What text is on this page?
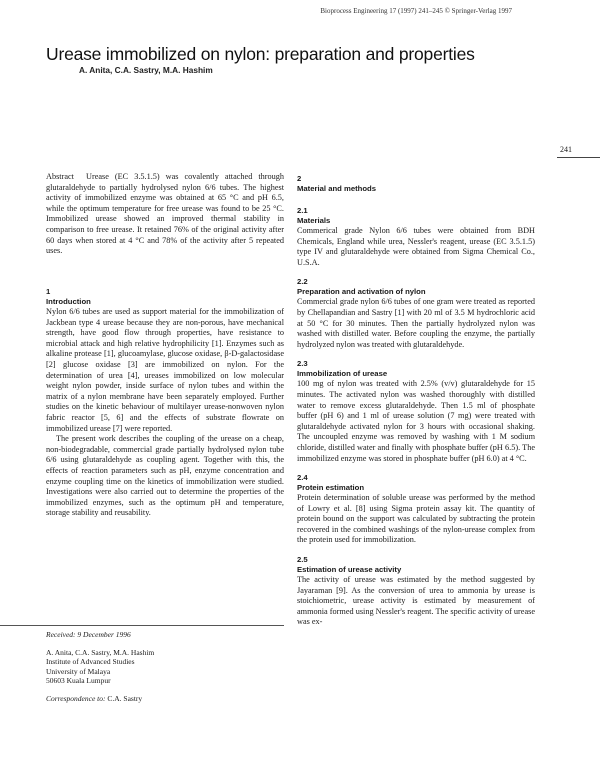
Bioprocess Engineering 17 (1997) 241–245 © Springer-Verlag 1997
Urease immobilized on nylon: preparation and properties
A. Anita, C.A. Sastry, M.A. Hashim
241

Abstract Urease (EC 3.5.1.5) was covalently attached through glutaraldehyde to partially hydrolysed nylon 6/6 tubes. The highest activity of immobilized enzyme was obtained at 65 °C and pH 6.5, while the optimum temperature for free urease was found to be 25 °C. Immobilized urease showed an improved thermal stability in comparison to free urease. It retained 76% of the original activity after 60 days when stored at 4 °C and 78% of the activity after 5 repeated uses.

1
Introduction

Nylon 6/6 tubes are used as support material for the immobilization of Jackbean type 4 urease because they are non-porous, have mechanical strength, have good flow through properties, have resistance to microbial attack and high relative hydrophilicity [1]. Enzymes such as alkaline protease [1], glucoamylase, glucose oxidase, β-D-galactosidase [2] glucose oxidase [3] are immobilized on nylon. For the determination of urea [4], ureases immobilized on low molecular weight nylon powder, inside surface of nylon tubes and within the matrix of a nylon membrane have been separately employed. Further studies on the kinetic behaviour of multilayer urease-nonwoven nylon fabric reactor [5, 6] and the effects of substrate flowrate on immobilized urease [7] were reported.

The present work describes the coupling of the urease on a cheap, non-biodegradable, commercial grade partially hydrolysed nylon tube 6/6 using glutaraldehyde as coupling agent. Together with this, the effects of reaction parameters such as pH, enzyme concentration and enzyme coupling time on the kinetics of immobilization were studied. Investigations were also carried out to determine the properties of the immobilized enzymes, such as the optimum pH and temperature, storage stability and reusability.

Received: 9 December 1996

A. Anita, C.A. Sastry, M.A. Hashim

Institute of Advanced Studies

University of Malaya

50603 Kuala Lumpur

Correspondence to: C.A. Sastry

2
Material and methods
2.1
Materials

Commerical grade Nylon 6/6 tubes were obtained from BDH Chemicals, England while urea, Nessler's reagent, urease (EC 3.5.1.5) type IV and glutaraldehyde were obtained from Sigma Chemical Co., U.S.A.

2.2
Preparation and activation of nylon

Commercial grade nylon 6/6 tubes of one gram were treated as reported by Chellapandian and Sastry [1] with 20 ml of 3.5 M hydrochloric acid at 50 °C for 30 minutes. Then the partially hydrolyzed nylon was washed with distilled water. Before coupling the enzyme, the partially hydrolyzed nylon was treated with glutaraldehyde.

2.3
Immobilization of urease

100 mg of nylon was treated with 2.5% (v/v) glutaraldehyde for 15 minutes. The activated nylon was washed thoroughly with distilled water to remove excess glutaraldehyde. Then 1.5 ml of phosphate buffer (pH 6) and 1 ml of urease solution (7 mg) were treated with glutaraldehyde activated nylon for 3 hours with occasional shaking. The uncoupled enzyme was removed by washing with 1 M sodium chloride, distilled water and finally with phosphate buffer (pH 6.5). The immobilized enzyme was stored in phosphate buffer (pH 6.0) at 4 °C.

2.4
Protein estimation

Protein determination of soluble urease was performed by the method of Lowry et al. [8] using Sigma protein assay kit. The quantity of protein bound on the support was calculated by subtracting the protein recovered in the combined washings of the nylon-urease complex from the protein used for immobilization.

2.5
Estimation of urease activity

The activity of urease was estimated by the method suggested by Jayaraman [9]. As the conversion of urea to ammonia by urease is stoichiometric, urease activity is estimated by measurement of ammonia formed using Nessler's reagent. The specific activity of urease was ex-
